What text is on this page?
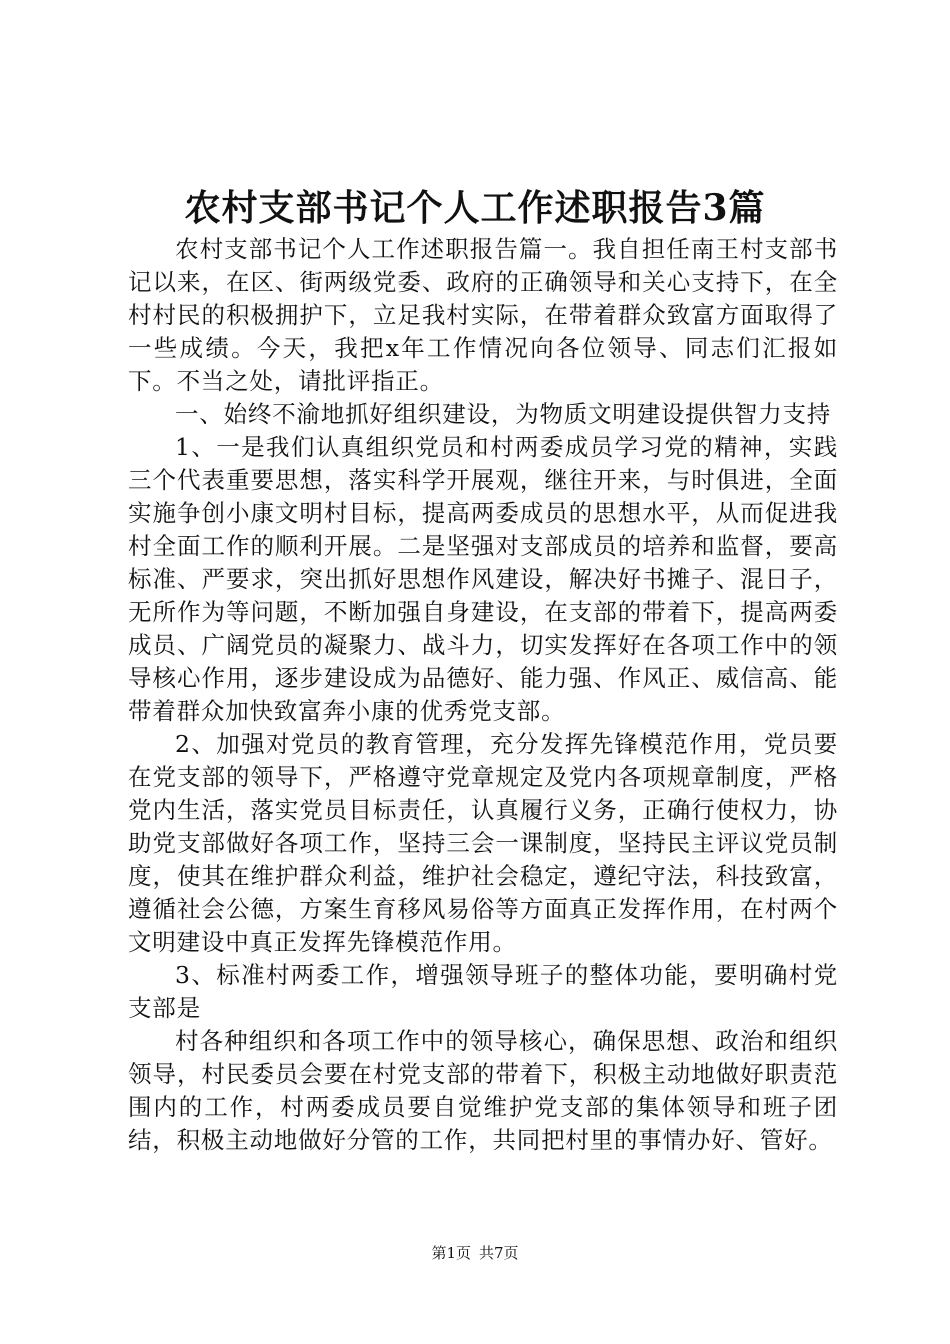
农村支部书记个人工作述职报告3篇

农村支部书记个人工作述职报告篇一。我自担任南王村支部书记以来，在区、街两级党委、政府的正确领导和关心支持下，在全村村民的积极拥护下，立足我村实际，在带着群众致富方面取得了一些成绩。今天，我把x年工作情况向各位领导、同志们汇报如下。不当之处，请批评指正。

一、始终不渝地抓好组织建设，为物质文明建设提供智力支持

1、一是我们认真组织党员和村两委成员学习党的精神，实践三个代表重要思想，落实科学开展观，继往开来，与时俱进，全面实施争创小康文明村目标，提高两委成员的思想水平，从而促进我村全面工作的顺利开展。二是坚强对支部成员的培养和监督，要高标准、严要求，突出抓好思想作风建设，解决好书摊子、混日子，无所作为等问题，不断加强自身建设，在支部的带着下，提高两委成员、广阔党员的凝聚力、战斗力，切实发挥好在各项工作中的领导核心作用，逐步建设成为品德好、能力强、作风正、威信高、能带着群众加快致富奔小康的优秀党支部。

2、加强对党员的教育管理，充分发挥先锋模范作用，党员要在党支部的领导下，严格遵守党章规定及党内各项规章制度，严格党内生活，落实党员目标责任，认真履行义务，正确行使权力，协助党支部做好各项工作，坚持三会一课制度，坚持民主评议党员制度，使其在维护群众利益，维护社会稳定，遵纪守法，科技致富，遵循社会公德，方案生育移风易俗等方面真正发挥作用，在村两个文明建设中真正发挥先锋模范作用。

3、标准村两委工作，增强领导班子的整体功能，要明确村党支部是

村各种组织和各项工作中的领导核心，确保思想、政治和组织领导，村民委员会要在村党支部的带着下，积极主动地做好职责范围内的工作，村两委成员要自觉维护党支部的集体领导和班子团结，积极主动地做好分管的工作，共同把村里的事情办好、管好。

第1页 共7页
